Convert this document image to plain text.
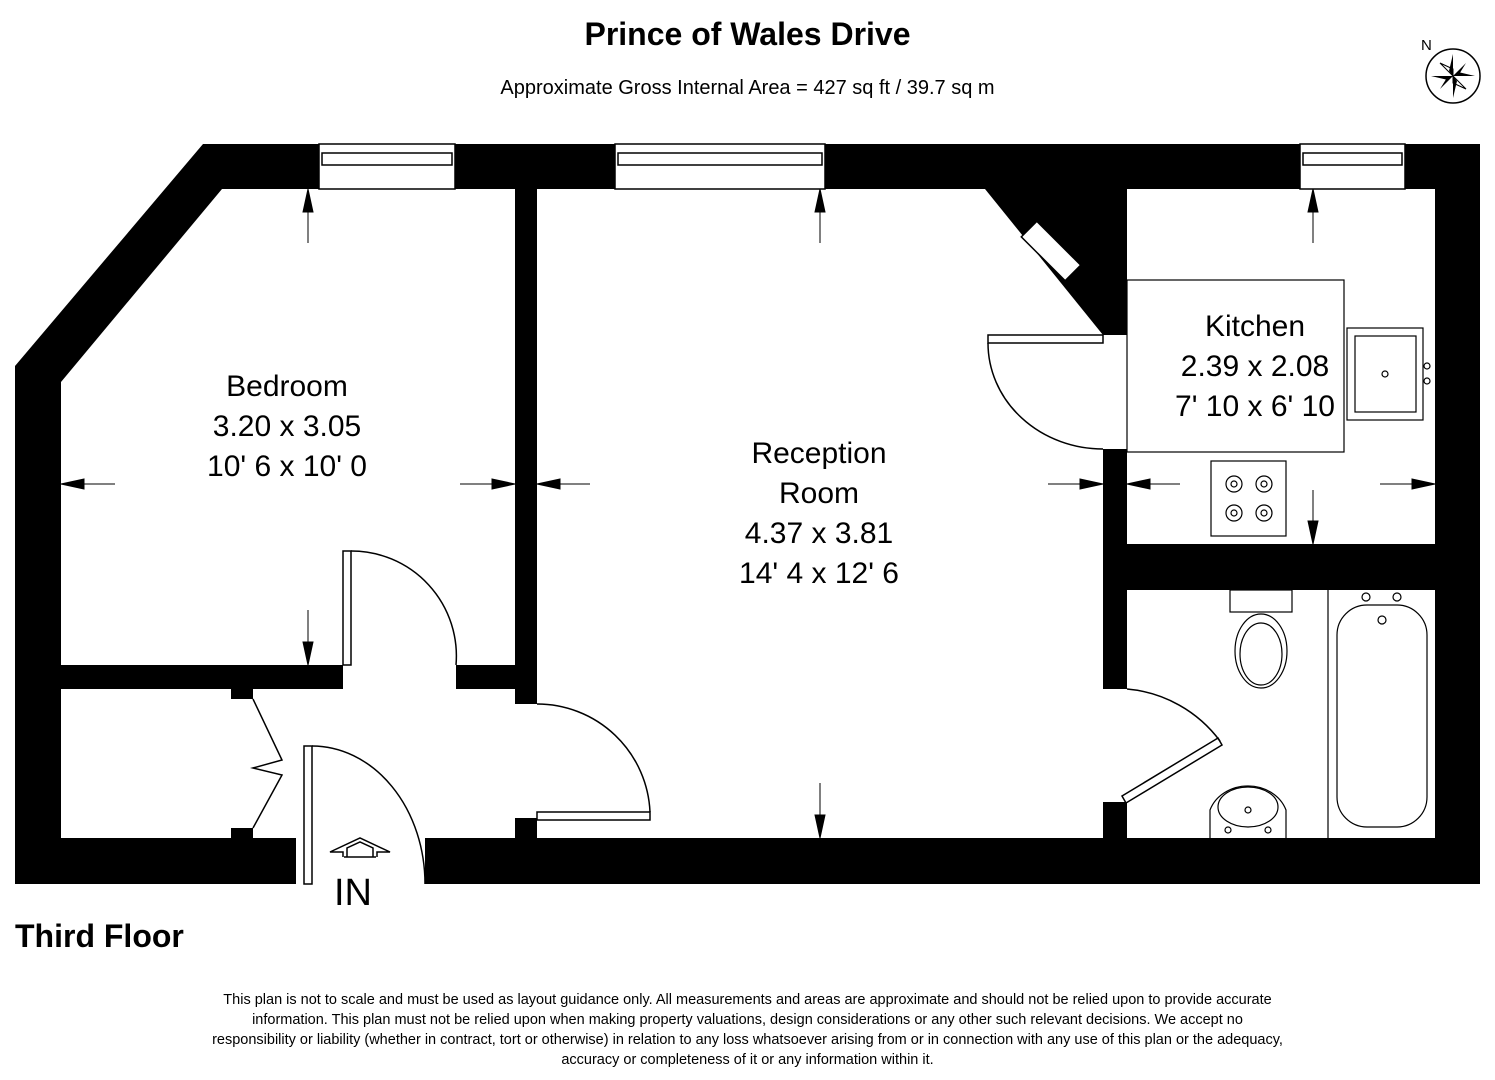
Prince of Wales Drive
Approximate Gross Internal Area = 427 sq ft / 39.7 sq m
N
Bedroom
3.20 x 3.05
10' 6 x 10' 0	Reception
Room
4.37 x 3.81
14' 4 x 12' 6
Kitchen
2.39 x 2.08
7' 10 x 6' 10
IN
Third Floor
This plan is not to scale and must be used as layout guidance only. All measurements and areas are approximate and should not be relied upon to provide accurate information. This plan must not be relied upon when making property valuations, design considerations or any other such relevant decisions. We accept no responsibility or liability (whether in contract, tort or otherwise) in relation to any loss whatsoever arising from or in connection with any use of this plan or the adequacy, accuracy or completeness of it or any information within it.
